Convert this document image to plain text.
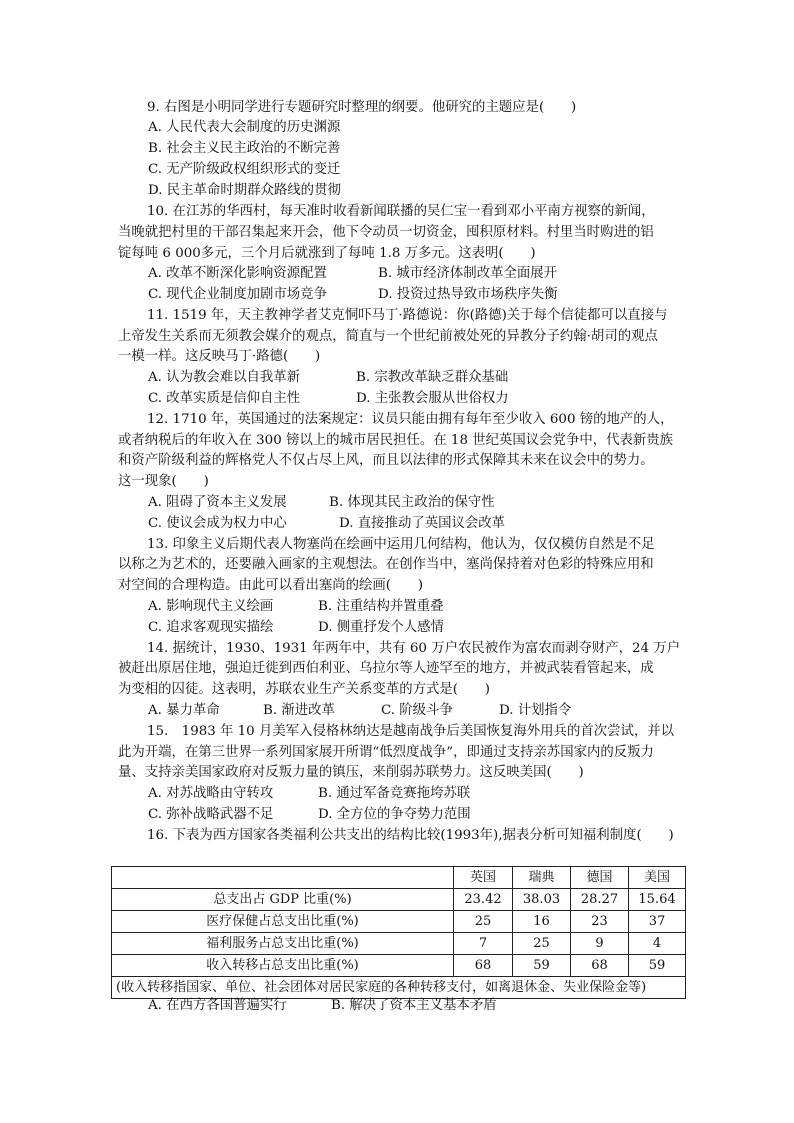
9. 右图是小明同学进行专题研究时整理的纲要。他研究的主题应是(　　)
A. 人民代表大会制度的历史渊源
B. 社会主义民主政治的不断完善
C. 无产阶级政权组织形式的变迁
D. 民主革命时期群众路线的贯彻
10. 在江苏的华西村，每天准时收看新闻联播的吴仁宝一看到邓小平南方视察的新闻，
当晚就把村里的干部召集起来开会，他下令动员一切资金，囤积原材料。村里当时购进的铝
锭每吨 6 000多元，三个月后就涨到了每吨 1.8 万多元。这表明(　　)
A. 改革不断深化影响资源配置	B. 城市经济体制改革全面展开
C. 现代企业制度加剧市场竞争	D. 投资过热导致市场秩序失衡
11. 1519 年，天主教神学者艾克恫吓马丁·路德说：你(路德)关于每个信徒都可以直接与
上帝发生关系而无须教会媒介的观点，简直与一个世纪前被处死的异教分子约翰·胡司的观点
一模一样。这反映马丁·路德(　　)
A. 认为教会难以自我革新	B. 宗教改革缺乏群众基础
C. 改革实质是信仰自主性	D. 主张教会服从世俗权力
12. 1710 年，英国通过的法案规定：议员只能由拥有每年至少收入 600 镑的地产的人，
或者纳税后的年收入在 300 镑以上的城市居民担任。在 18 世纪英国议会党争中，代表新贵族
和资产阶级利益的辉格党人不仅占尽上风，而且以法律的形式保障其未来在议会中的势力。
这一现象(　　)
A. 阻碍了资本主义发展	B. 体现其民主政治的保守性
C. 使议会成为权力中心	D. 直接推动了英国议会改革
13. 印象主义后期代表人物塞尚在绘画中运用几何结构，他认为，仅仅模仿自然是不足
以称之为艺术的，还要融入画家的主观想法。在创作当中，塞尚保持着对色彩的特殊应用和
对空间的合理构造。由此可以看出塞尚的绘画(　　)
A. 影响现代主义绘画	B. 注重结构并置重叠
C. 追求客观现实描绘	D. 侧重抒发个人感情
14. 据统计，1930、1931 年两年中，共有 60 万户农民被作为富农而剥夺财产，24 万户
被赶出原居住地，强迫迁徙到西伯利亚、乌拉尔等人迹罕至的地方，并被武装看管起来，成
为变相的囚徒。这表明，苏联农业生产关系变革的方式是(　　)
A. 暴力革命	B. 渐进改革	C. 阶级斗争	D. 计划指令
15.　1983 年 10 月美军入侵格林纳达是越南战争后美国恢复海外用兵的首次尝试，并以
此为开端，在第三世界一系列国家展开所谓“低烈度战争”，即通过支持亲苏国家内的反叛力
量、支持亲美国家政府对反叛力量的镇压，来削弱苏联势力。这反映美国(　　)
A. 对苏战略由守转攻	B. 通过军备竞赛拖垮苏联
C. 弥补战略武器不足	D. 全方位的争夺势力范围
16. 下表为西方国家各类福利公共支出的结构比较(1993年),据表分析可知福利制度(　　)
	英国	瑞典	德国	美国
总支出占 GDP 比重(%)	23.42	38.03	28.27	15.64
医疗保健占总支出比重(%)	25	16	23	37
福利服务占总支出比重(%)	7	25	9	4
收入转移占总支出比重(%)	68	59	68	59
(收入转移指国家、单位、社会团体对居民家庭的各种转移支付，如离退休金、失业保险金等)				
A. 在西方各国普遍实行	B. 解决了资本主义基本矛盾
